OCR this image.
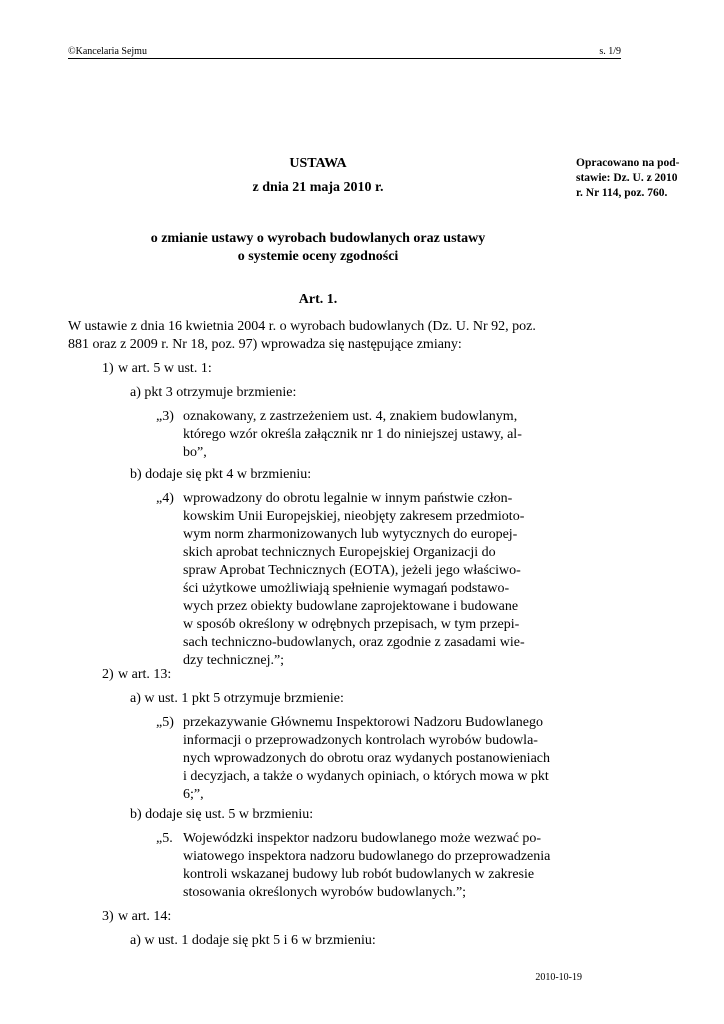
©Kancelaria Sejmu	s. 1/9
USTAWA
z dnia 21 maja 2010 r.
o zmianie ustawy o wyrobach budowlanych oraz ustawy
o systemie oceny zgodności
Opracowano na pod-
stawie: Dz. U. z 2010
r. Nr 114, poz. 760.
Art. 1.
W ustawie z dnia 16 kwietnia 2004 r. o wyrobach budowlanych (Dz. U. Nr 92, poz.
881 oraz z 2009 r. Nr 18, poz. 97) wprowadza się następujące zmiany:
1) w art. 5 w ust. 1:
a) pkt 3 otrzymuje brzmienie:
„3) oznakowany, z zastrzeżeniem ust. 4, znakiem budowlanym,
którego wzór określa załącznik nr 1 do niniejszej ustawy, al-
bo”,
b) dodaje się pkt 4 w brzmieniu:
„4) wprowadzony do obrotu legalnie w innym państwie człon-
kowskim Unii Europejskiej, nieobjęty zakresem przedmioto-
wym norm zharmonizowanych lub wytycznych do europej-
skich aprobat technicznych Europejskiej Organizacji do
spraw Aprobat Technicznych (EOTA), jeżeli jego właściwo-
ści użytkowe umożliwiają spełnienie wymagań podstawo-
wych przez obiekty budowlane zaprojektowane i budowane
w sposób określony w odrębnych przepisach, w tym przepi-
sach techniczno-budowlanych, oraz zgodnie z zasadami wie-
dzy technicznej.”;
2) w art. 13:
a) w ust. 1 pkt 5 otrzymuje brzmienie:
„5) przekazywanie Głównemu Inspektorowi Nadzoru Budowlanego
informacji o przeprowadzonych kontrolach wyrobów budowla-
nych wprowadzonych do obrotu oraz wydanych postanowieniach
i decyzjach, a także o wydanych opiniach, o których mowa w pkt
6;”,
b) dodaje się ust. 5 w brzmieniu:
„5. Wojewódzki inspektor nadzoru budowlanego może wezwać po-
wiatowego inspektora nadzoru budowlanego do przeprowadzenia
kontroli wskazanej budowy lub robót budowlanych w zakresie
stosowania określonych wyrobów budowlanych.”;
3) w art. 14:
a) w ust. 1 dodaje się pkt 5 i 6 w brzmieniu:
2010-10-19
